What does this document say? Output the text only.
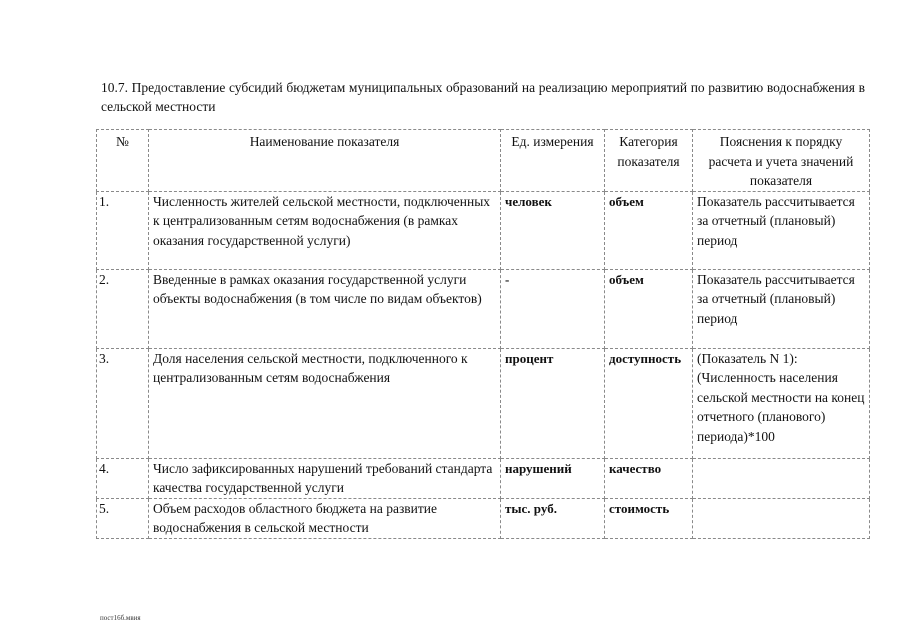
10.7. Предоставление субсидий бюджетам муниципальных образований на реализацию мероприятий по развитию водоснабжения в сельской местности
№	Наименование показателя	Ед. измерения	Категория показателя	Пояснения к порядку расчета и учета значений показателя
1.	Численность жителей сельской местности, подключенных к централизованным сетям водоснабжения (в рамках оказания государственной услуги)	человек	объем	Показатель рассчитывается за отчетный (плановый) период
2.	Введенные в рамках оказания государственной услуги объекты водоснабжения (в том числе по видам объектов)	-	объем	Показатель рассчитывается за отчетный (плановый) период
3.	Доля населения сельской местности, подключенного к централизованным сетям водоснабжения	процент	доступность	(Показатель N 1): (Численность населения сельской местности на конец отчетного (планового) периода)*100
4.	Число зафиксированных нарушений требований стандарта качества государственной услуги	нарушений	качество	
5.	Объем расходов областного бюджета на развитие водоснабжения в сельской местности	тыс. руб.	стоимость	
пост16б.мвия
